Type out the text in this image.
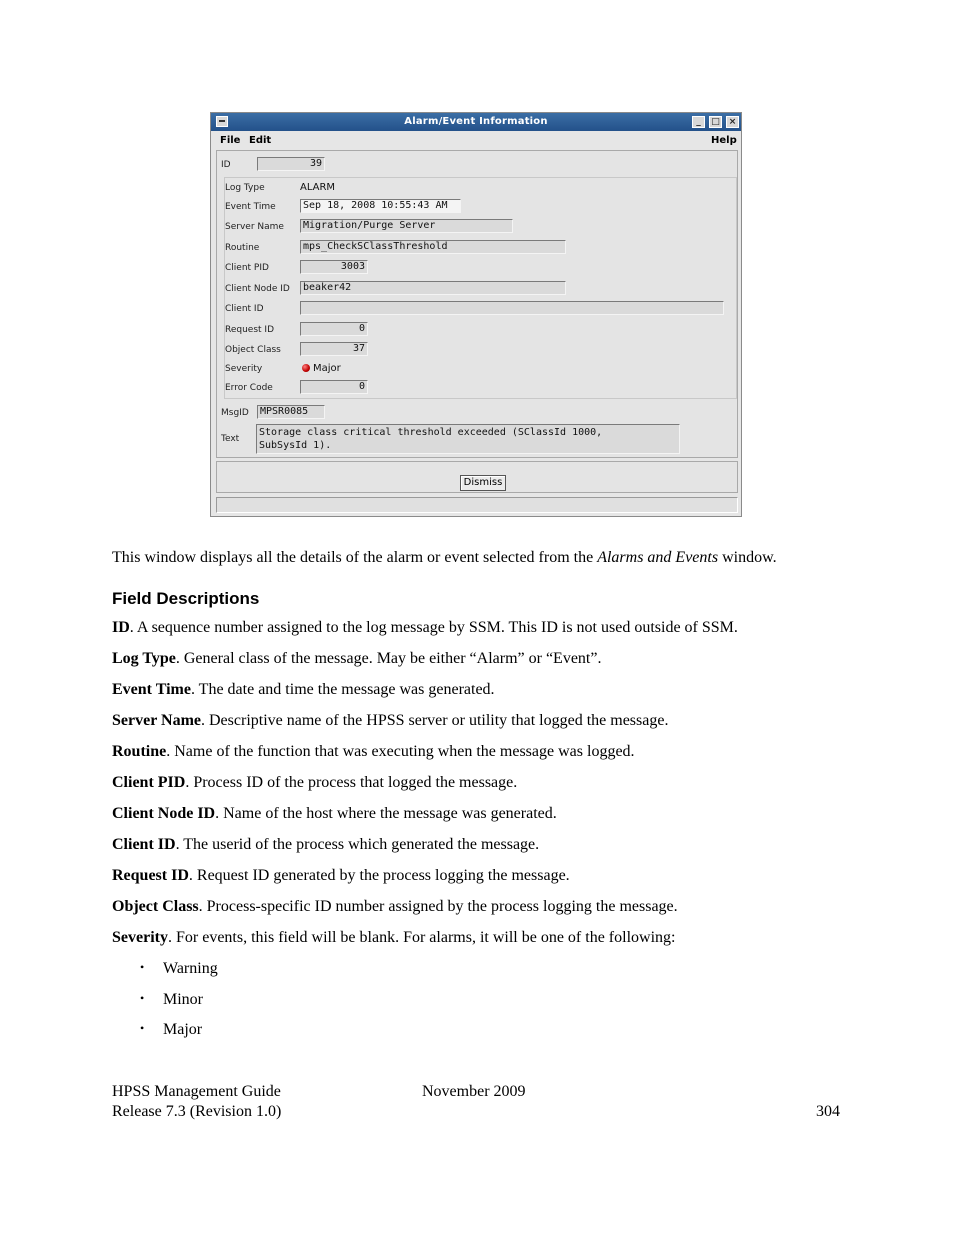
Alarm/Event Information	_	□ ×
File Edit	Help
ID	39
Log Type	ALARM
Event Time	Sep 18, 2008 10:55:43 AM
Server Name	Migration/Purge Server
Routine	mps_CheckSClassThreshold
Client PID	3003
Client Node ID	beaker42
Client ID
Request ID	0
Object Class	37
Severity	Major
Error Code	0
MsgID	MPSR0085
Text
Storage class critical threshold exceeded (SClassId 1000,
SubSysId 1).
Dismiss
This window displays all the details of the alarm or event selected from the Alarms and Events window.
Field Descriptions
ID. A sequence number assigned to the log message by SSM. This ID is not used outside of SSM.
Log Type. General class of the message. May be either “Alarm” or “Event”.
Event Time. The date and time the message was generated.
Server Name. Descriptive name of the HPSS server or utility that logged the message.
Routine. Name of the function that was executing when the message was logged.
Client PID. Process ID of the process that logged the message.
Client Node ID. Name of the host where the message was generated.
Client ID. The userid of the process which generated the message.
Request ID. Request ID generated by the process logging the message.
Object Class. Process-specific ID number assigned by the process logging the message.
Severity. For events, this field will be blank. For alarms, it will be one of the following:
• Warning
• Minor
• Major
HPSS Management Guide
Release 7.3 (Revision 1.0)
November 2009
304
